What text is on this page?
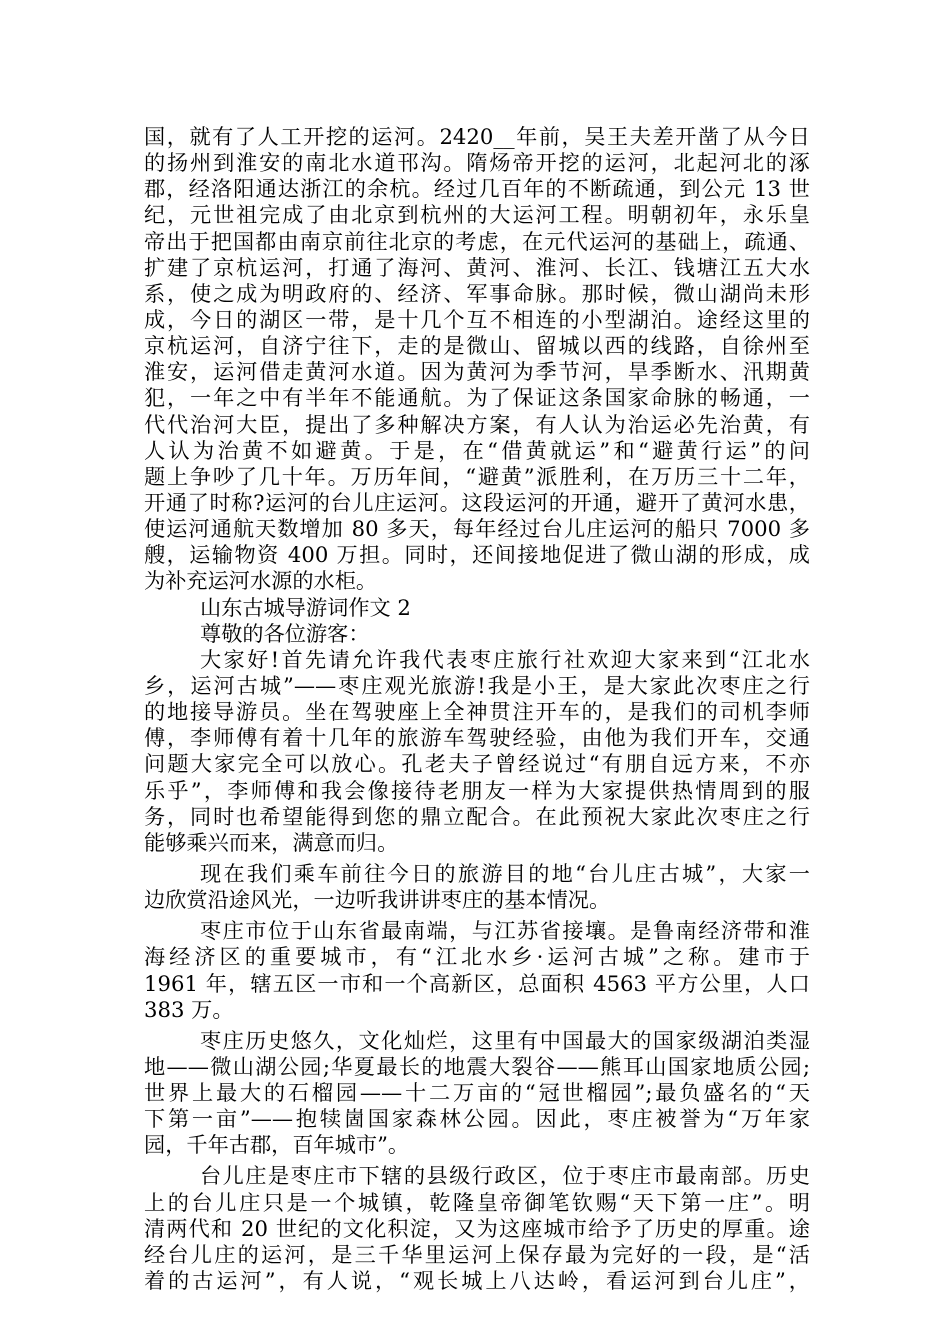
国，就有了人工开挖的运河。2420__年前，吴王夫差开凿了从今日
的扬州到淮安的南北水道邗沟。隋炀帝开挖的运河，北起河北的涿
郡，经洛阳通达浙江的余杭。经过几百年的不断疏通，到公元 13 世
纪，元世祖完成了由北京到杭州的大运河工程。明朝初年，永乐皇
帝出于把国都由南京前往北京的考虑，在元代运河的基础上，疏通、
扩建了京杭运河，打通了海河、黄河、淮河、长江、钱塘江五大水
系，使之成为明政府的、经济、军事命脉。那时候，微山湖尚未形
成，今日的湖区一带，是十几个互不相连的小型湖泊。途经这里的
京杭运河，自济宁往下，走的是微山、留城以西的线路，自徐州至
淮安，运河借走黄河水道。因为黄河为季节河，旱季断水、汛期黄
犯，一年之中有半年不能通航。为了保证这条国家命脉的畅通，一
代代治河大臣，提出了多种解决方案，有人认为治运必先治黄，有
人认为治黄不如避黄。于是，在“借黄就运”和“避黄行运”的问
题上争吵了几十年。万历年间，“避黄”派胜利，在万历三十二年，
开通了时称?运河的台儿庄运河。这段运河的开通，避开了黄河水患，
使运河通航天数增加 80 多天，每年经过台儿庄运河的船只 7000 多
艘，运输物资 400 万担。同时，还间接地促进了微山湖的形成，成
为补充运河水源的水柜。
山东古城导游词作文 2
尊敬的各位游客：
大家好!首先请允许我代表枣庄旅行社欢迎大家来到“江北水
乡，运河古城”——枣庄观光旅游!我是小王，是大家此次枣庄之行
的地接导游员。坐在驾驶座上全神贯注开车的，是我们的司机李师
傅，李师傅有着十几年的旅游车驾驶经验，由他为我们开车，交通
问题大家完全可以放心。孔老夫子曾经说过“有朋自远方来，不亦
乐乎”，李师傅和我会像接待老朋友一样为大家提供热情周到的服
务，同时也希望能得到您的鼎立配合。在此预祝大家此次枣庄之行
能够乘兴而来，满意而归。
现在我们乘车前往今日的旅游目的地“台儿庄古城”，大家一
边欣赏沿途风光，一边听我讲讲枣庄的基本情况。
枣庄市位于山东省最南端，与江苏省接壤。是鲁南经济带和淮
海经济区的重要城市，有“江北水乡·运河古城”之称。建市于
1961 年，辖五区一市和一个高新区，总面积 4563 平方公里，人口
383 万。
枣庄历史悠久，文化灿烂，这里有中国最大的国家级湖泊类湿
地——微山湖公园;华夏最长的地震大裂谷——熊耳山国家地质公园;
世界上最大的石榴园——十二万亩的“冠世榴园”;最负盛名的“天
下第一亩”——抱犊崮国家森林公园。因此，枣庄被誉为“万年家
园，千年古郡，百年城市”。
台儿庄是枣庄市下辖的县级行政区，位于枣庄市最南部。历史
上的台儿庄只是一个城镇，乾隆皇帝御笔钦赐“天下第一庄”。明
清两代和 20 世纪的文化积淀，又为这座城市给予了历史的厚重。途
经台儿庄的运河，是三千华里运河上保存最为完好的一段，是“活
着的古运河”，有人说，“观长城上八达岭，看运河到台儿庄”，
